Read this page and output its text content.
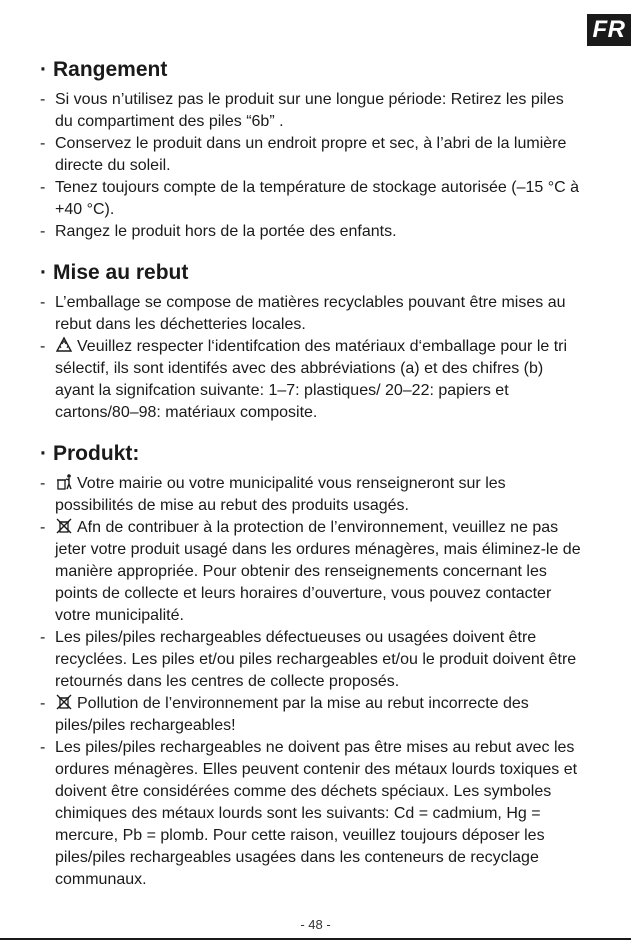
FR
· Rangement

- Si vous n’utilisez pas le produit sur une longue période: Retirez les piles du compartiment des piles “6b” .

- Conservez le produit dans un endroit propre et sec, à l’abri de la lumière directe du soleil.

- Tenez toujours compte de la température de stockage autorisée (–15 °C à +40 °C).

- Rangez le produit hors de la portée des enfants.

· Mise au rebut

- L’emballage se compose de matières recyclables pouvant être mises au rebut dans les déchetteries locales.

- Veuillez respecter l‘identifcation des matériaux d‘emballage pour le tri sélectif, ils sont identifés avec des abbréviations (a) et des chifres (b) ayant la signifcation suivante: 1–7: plastiques/ 20–22: papiers et cartons/80–98: matériaux composite.

· Produkt:

- Votre mairie ou votre municipalité vous renseigneront sur les possibilités de mise au rebut des produits usagés.

- Afn de contribuer à la protection de l’environnement, veuillez ne pas jeter votre produit usagé dans les ordures ménagères, mais éliminez-le de manière appropriée. Pour obtenir des renseignements concernant les points de collecte et leurs horaires d’ouverture, vous pouvez contacter votre municipalité.

- Les piles/piles rechargeables défectueuses ou usagées doivent être recyclées. Les piles et/ou piles rechargeables et/ou le produit doivent être retournés dans les centres de collecte proposés.

- Pollution de l’environnement par la mise au rebut incorrecte des piles/piles rechargeables!

- Les piles/piles rechargeables ne doivent pas être mises au rebut avec les ordures ménagères. Elles peuvent contenir des métaux lourds toxiques et doivent être considérées comme des déchets spéciaux. Les symboles chimiques des métaux lourds sont les suivants: Cd = cadmium, Hg = mercure, Pb = plomb. Pour cette raison, veuillez toujours déposer les piles/piles rechargeables usagées dans les conteneurs de recyclage communaux.

- 48 -
